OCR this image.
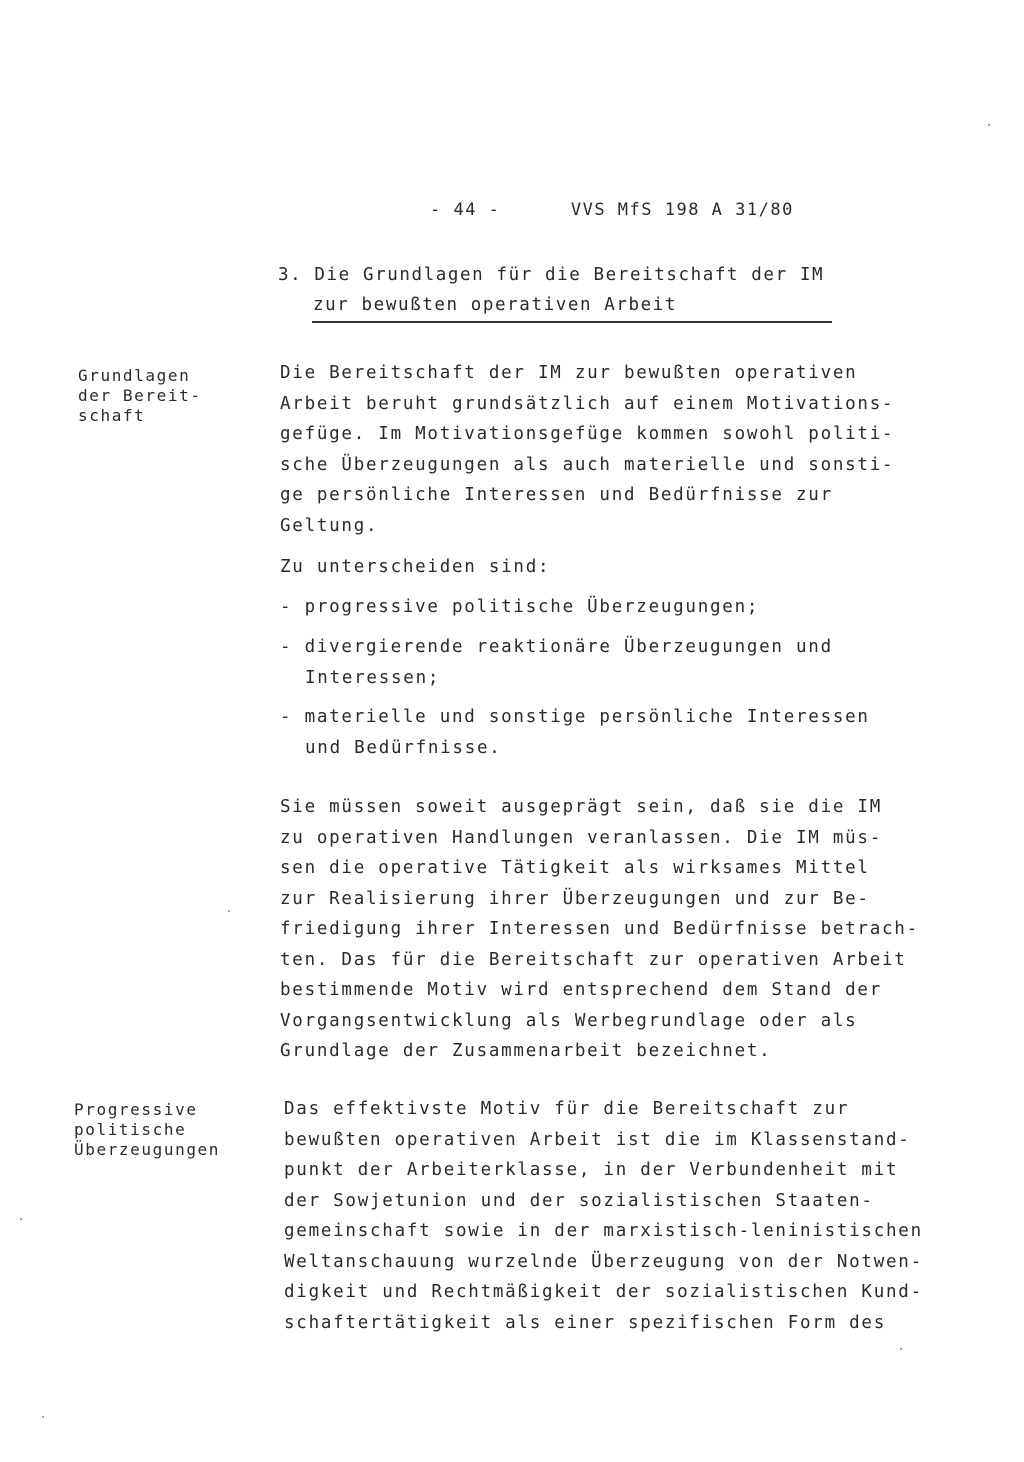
- 44 -	VVS MfS 198 A 31/80
3. Die Grundlagen für die Bereitschaft der IM
zur bewußten operativen Arbeit
Grundlagen
der Bereit-
schaft

Die Bereitschaft der IM zur bewußten operativen

Arbeit beruht grundsätzlich auf einem Motivations-

gefüge. Im Motivationsgefüge kommen sowohl politi-

sche Überzeugungen als auch materielle und sonsti-

ge persönliche Interessen und Bedürfnisse zur

Geltung.

Zu unterscheiden sind:

- progressive politische Überzeugungen;

- divergierende reaktionäre Überzeugungen und

Interessen;

- materielle und sonstige persönliche Interessen

und Bedürfnisse.

Sie müssen soweit ausgeprägt sein, daß sie die IM

zu operativen Handlungen veranlassen. Die IM müs-

sen die operative Tätigkeit als wirksames Mittel

zur Realisierung ihrer Überzeugungen und zur Be-

friedigung ihrer Interessen und Bedürfnisse betrach-

ten. Das für die Bereitschaft zur operativen Arbeit

bestimmende Motiv wird entsprechend dem Stand der

Vorgangsentwicklung als Werbegrundlage oder als

Grundlage der Zusammenarbeit bezeichnet.

Progressive
politische
Überzeugungen

Das effektivste Motiv für die Bereitschaft zur

bewußten operativen Arbeit ist die im Klassenstand-

punkt der Arbeiterklasse, in der Verbundenheit mit

der Sowjetunion und der sozialistischen Staaten-

gemeinschaft sowie in der marxistisch-leninistischen

Weltanschauung wurzelnde Überzeugung von der Notwen-

digkeit und Rechtmäßigkeit der sozialistischen Kund-

schaftertätigkeit als einer spezifischen Form des
